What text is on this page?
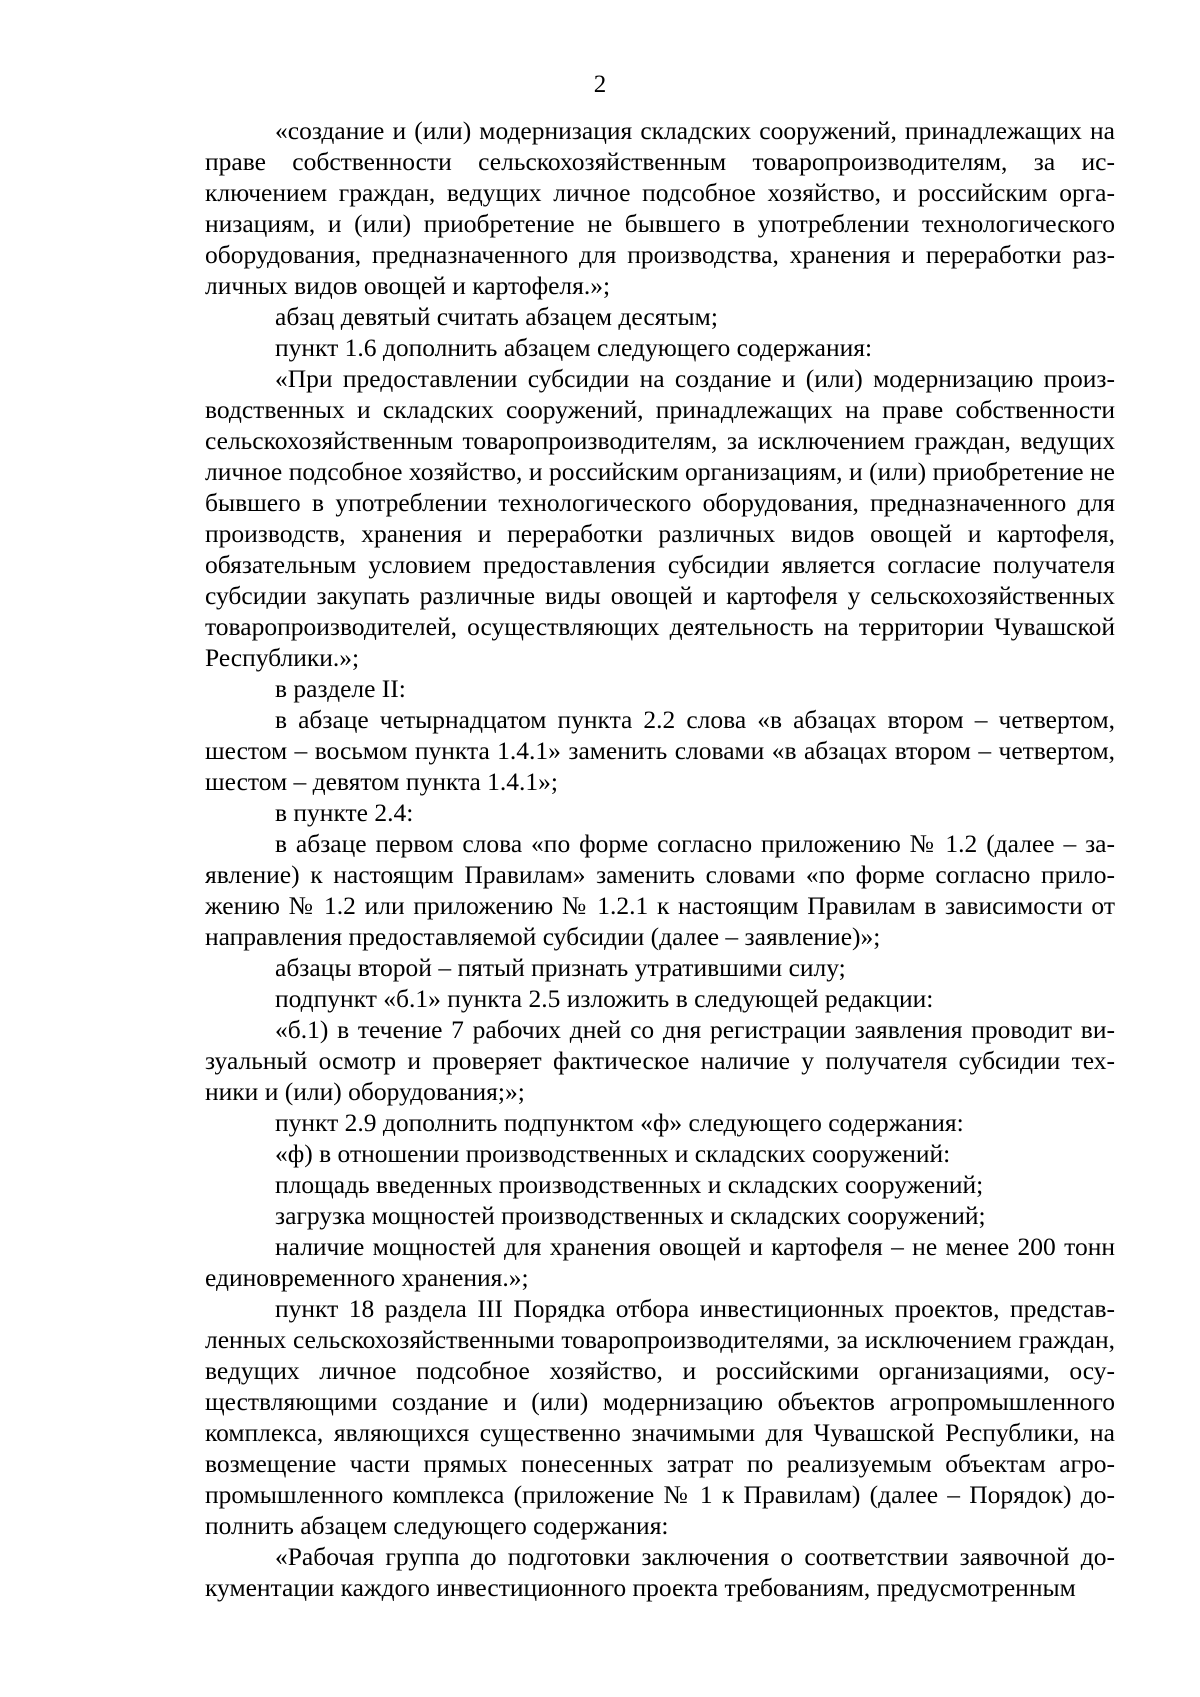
2

«создание и (или) модернизация складских сооружений, принадлежащих на праве собственности сельскохозяйственным товаропроизводителям, за исключением граждан, ведущих личное подсобное хозяйство, и российским организациям, и (или) приобретение не бывшего в употреблении технологического оборудования, предназначенного для производства, хранения и переработки различных видов овощей и картофеля.»;

абзац девятый считать абзацем десятым;

пункт 1.6 дополнить абзацем следующего содержания:

«При предоставлении субсидии на создание и (или) модернизацию производственных и складских сооружений, принадлежащих на праве собственности сельскохозяйственным товаропроизводителям, за исключением граждан, ведущих личное подсобное хозяйство, и российским организациям, и (или) приобретение не бывшего в употреблении технологического оборудования, предназначенного для производств, хранения и переработки различных видов овощей и картофеля, обязательным условием предоставления субсидии является согласие получателя субсидии закупать различные виды овощей и картофеля у сельскохозяйственных товаропроизводителей, осуществляющих деятельность на территории Чувашской Республики.»;

в разделе II:

в абзаце четырнадцатом пункта 2.2 слова «в абзацах втором – четвертом, шестом – восьмом пункта 1.4.1» заменить словами «в абзацах втором – четвертом, шестом – девятом пункта 1.4.1»;

в пункте 2.4:

в абзаце первом слова «по форме согласно приложению № 1.2 (далее – заявление) к настоящим Правилам» заменить словами «по форме согласно приложению № 1.2 или приложению № 1.2.1 к настоящим Правилам в зависимости от направления предоставляемой субсидии (далее – заявление)»;

абзацы второй – пятый признать утратившими силу;

подпункт «б.1» пункта 2.5 изложить в следующей редакции:

«б.1) в течение 7 рабочих дней со дня регистрации заявления проводит визуальный осмотр и проверяет фактическое наличие у получателя субсидии техники и (или) оборудования;»;

пункт 2.9 дополнить подпунктом «ф» следующего содержания:

«ф) в отношении производственных и складских сооружений:

площадь введенных производственных и складских сооружений;

загрузка мощностей производственных и складских сооружений;

наличие мощностей для хранения овощей и картофеля – не менее 200 тонн единовременного хранения.»;

пункт 18 раздела III Порядка отбора инвестиционных проектов, представленных сельскохозяйственными товаропроизводителями, за исключением граждан, ведущих личное подсобное хозяйство, и российскими организациями, осуществляющими создание и (или) модернизацию объектов агропромышленного комплекса, являющихся существенно значимыми для Чувашской Республики, на возмещение части прямых понесенных затрат по реализуемым объектам агропромышленного комплекса (приложение № 1 к Правилам) (далее – Порядок) дополнить абзацем следующего содержания:

«Рабочая группа до подготовки заключения о соответствии заявочной документации каждого инвестиционного проекта требованиям, предусмотренным
